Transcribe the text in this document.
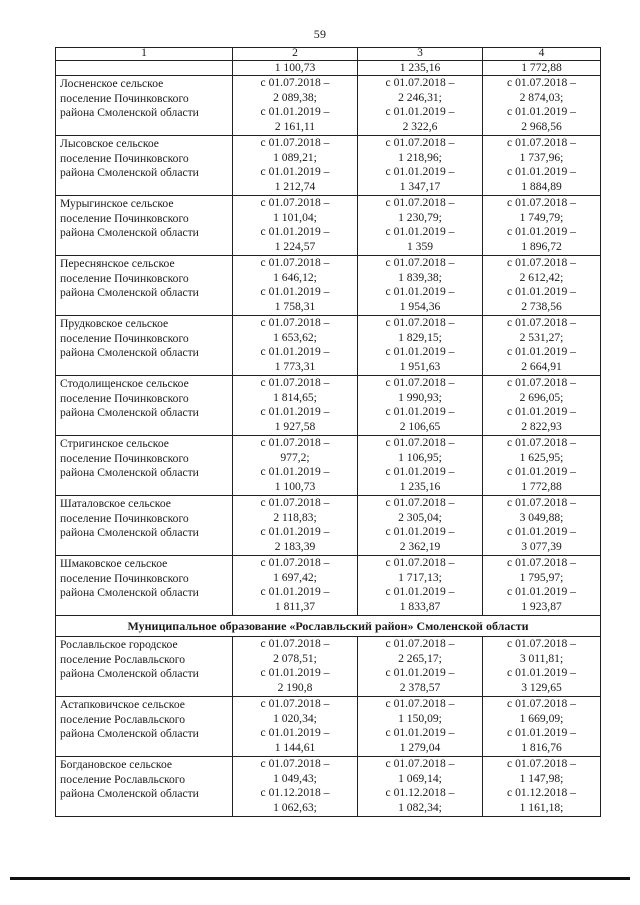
59
1	2	3	4
	1 100,73	1 235,16	1 772,88

Лосненское сельское
поселение Починковского
района Смоленской области	с 01.07.2018 –
2 089,38;
с 01.01.2019 –
2 161,11	с 01.07.2018 –
2 246,31;
с 01.01.2019 –
2 322,6	с 01.07.2018 –
2 874,03;
с 01.01.2019 –
2 968,56

Лысовское сельское
поселение Починковского
района Смоленской области	с 01.07.2018 –
1 089,21;
с 01.01.2019 –
1 212,74	с 01.07.2018 –
1 218,96;
с 01.01.2019 –
1 347,17	с 01.07.2018 –
1 737,96;
с 01.01.2019 –
1 884,89

Мурыгинское сельское
поселение Починковского
района Смоленской области	с 01.07.2018 –
1 101,04;
с 01.01.2019 –
1 224,57	с 01.07.2018 –
1 230,79;
с 01.01.2019 –
1 359	с 01.07.2018 –
1 749,79;
с 01.01.2019 –
1 896,72

Переснянское сельское
поселение Починковского
района Смоленской области	с 01.07.2018 –
1 646,12;
с 01.01.2019 –
1 758,31	с 01.07.2018 –
1 839,38;
с 01.01.2019 –
1 954,36	с 01.07.2018 –
2 612,42;
с 01.01.2019 –
2 738,56

Прудковское сельское
поселение Починковского
района Смоленской области	с 01.07.2018 –
1 653,62;
с 01.01.2019 –
1 773,31	с 01.07.2018 –
1 829,15;
с 01.01.2019 –
1 951,63	с 01.07.2018 –
2 531,27;
с 01.01.2019 –
2 664,91

Стодолищенское сельское
поселение Починковского
района Смоленской области	с 01.07.2018 –
1 814,65;
с 01.01.2019 –
1 927,58	с 01.07.2018 –
1 990,93;
с 01.01.2019 –
2 106,65	с 01.07.2018 –
2 696,05;
с 01.01.2019 –
2 822,93

Стригинское сельское
поселение Починковского
района Смоленской области	с 01.07.2018 –
977,2;
с 01.01.2019 –
1 100,73	с 01.07.2018 –
1 106,95;
с 01.01.2019 –
1 235,16	с 01.07.2018 –
1 625,95;
с 01.01.2019 –
1 772,88

Шаталовское сельское
поселение Починковского
района Смоленской области	с 01.07.2018 –
2 118,83;
с 01.01.2019 –
2 183,39	с 01.07.2018 –
2 305,04;
с 01.01.2019 –
2 362,19	с 01.07.2018 –
3 049,88;
с 01.01.2019 –
3 077,39

Шмаковское сельское
поселение Починковского
района Смоленской области	с 01.07.2018 –
1 697,42;
с 01.01.2019 –
1 811,37	с 01.07.2018 –
1 717,13;
с 01.01.2019 –
1 833,87	с 01.07.2018 –
1 795,97;
с 01.01.2019 –
1 923,87

Муниципальное образование «Рославльский район» Смоленской области			

Рославльское городское
поселение Рославльского
района Смоленской области	с 01.07.2018 –
2 078,51;
с 01.01.2019 –
2 190,8	с 01.07.2018 –
2 265,17;
с 01.01.2019 –
2 378,57	с 01.07.2018 –
3 011,81;
с 01.01.2019 –
3 129,65

Астапковичское сельское
поселение Рославльского
района Смоленской области	с 01.07.2018 –
1 020,34;
с 01.01.2019 –
1 144,61	с 01.07.2018 –
1 150,09;
с 01.01.2019 –
1 279,04	с 01.07.2018 –
1 669,09;
с 01.01.2019 –
1 816,76

Богдановское сельское
поселение Рославльского
района Смоленской области	с 01.07.2018 –
1 049,43;
с 01.12.2018 –
1 062,63;	с 01.07.2018 –
1 069,14;
с 01.12.2018 –
1 082,34;	с 01.07.2018 –
1 147,98;
с 01.12.2018 –
1 161,18;
